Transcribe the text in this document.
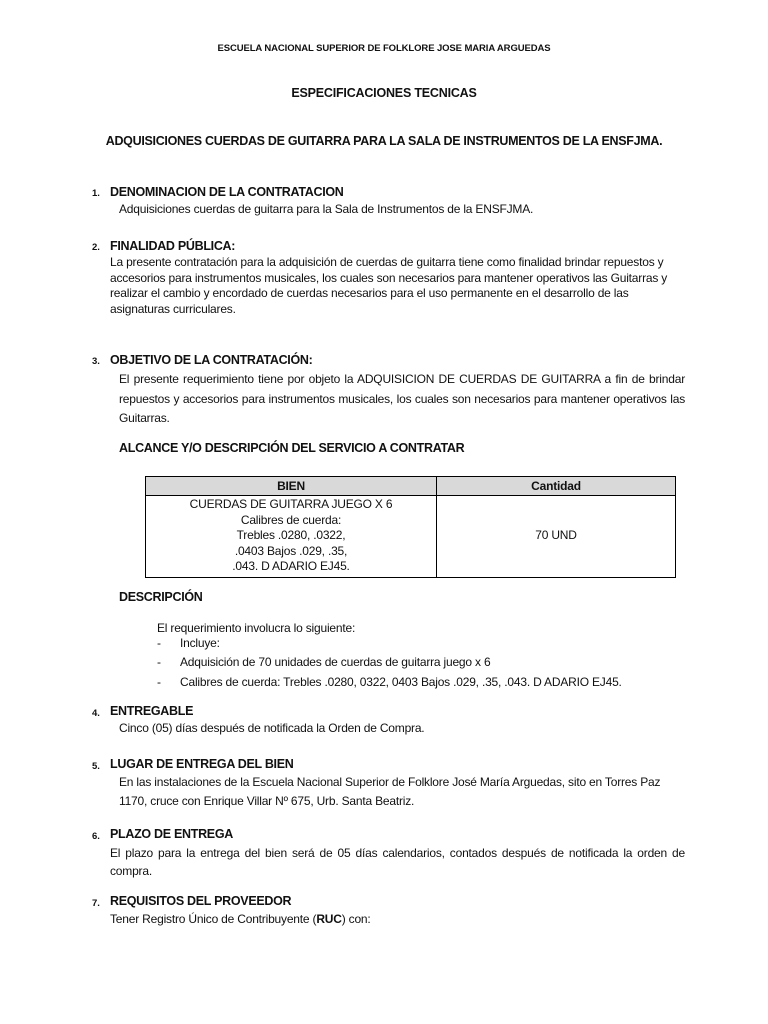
ESCUELA NACIONAL SUPERIOR DE FOLKLORE JOSE MARIA ARGUEDAS
ESPECIFICACIONES TECNICAS
ADQUISICIONES CUERDAS DE GUITARRA PARA LA SALA DE INSTRUMENTOS DE LA ENSFJMA.
1. DENOMINACION DE LA CONTRATACION
Adquisiciones cuerdas de guitarra para la Sala de Instrumentos de la ENSFJMA.
2. FINALIDAD PÚBLICA:

La presente contratación para la adquisición de cuerdas de guitarra tiene como finalidad brindar repuestos y accesorios para instrumentos musicales, los cuales son necesarios para mantener operativos las Guitarras y realizar el cambio y encordado de cuerdas necesarios para el uso permanente en el desarrollo de las asignaturas curriculares.

3. OBJETIVO DE LA CONTRATACIÓN:

El presente requerimiento tiene por objeto la ADQUISICION DE CUERDAS DE GUITARRA a fin de brindar repuestos y accesorios para instrumentos musicales, los cuales son necesarios para mantener operativos las Guitarras.

ALCANCE Y/O DESCRIPCIÓN DEL SERVICIO A CONTRATAR
BIEN	Cantidad

CUERDAS DE GUITARRA JUEGO X 6
Calibres de cuerda:
Trebles .0280, .0322,
.0403 Bajos .029, .35,
.043. D ADARIO EJ45.	70 UND
DESCRIPCIÓN
El requerimiento involucra lo siguiente:
- Incluye:
- Adquisición de 70 unidades de cuerdas de guitarra juego x 6
- Calibres de cuerda: Trebles .0280, 0322, 0403 Bajos .029, .35, .043. D ADARIO EJ45.
4. ENTREGABLE
Cinco (05) días después de notificada la Orden de Compra.
5. LUGAR DE ENTREGA DEL BIEN

En las instalaciones de la Escuela Nacional Superior de Folklore José María Arguedas, sito en Torres Paz 1170, cruce con Enrique Villar Nº 675, Urb. Santa Beatriz.

6. PLAZO DE ENTREGA

El plazo para la entrega del bien será de 05 días calendarios, contados después de notificada la orden de compra.

7. REQUISITOS DEL PROVEEDOR
Tener Registro Único de Contribuyente (RUC) con:
